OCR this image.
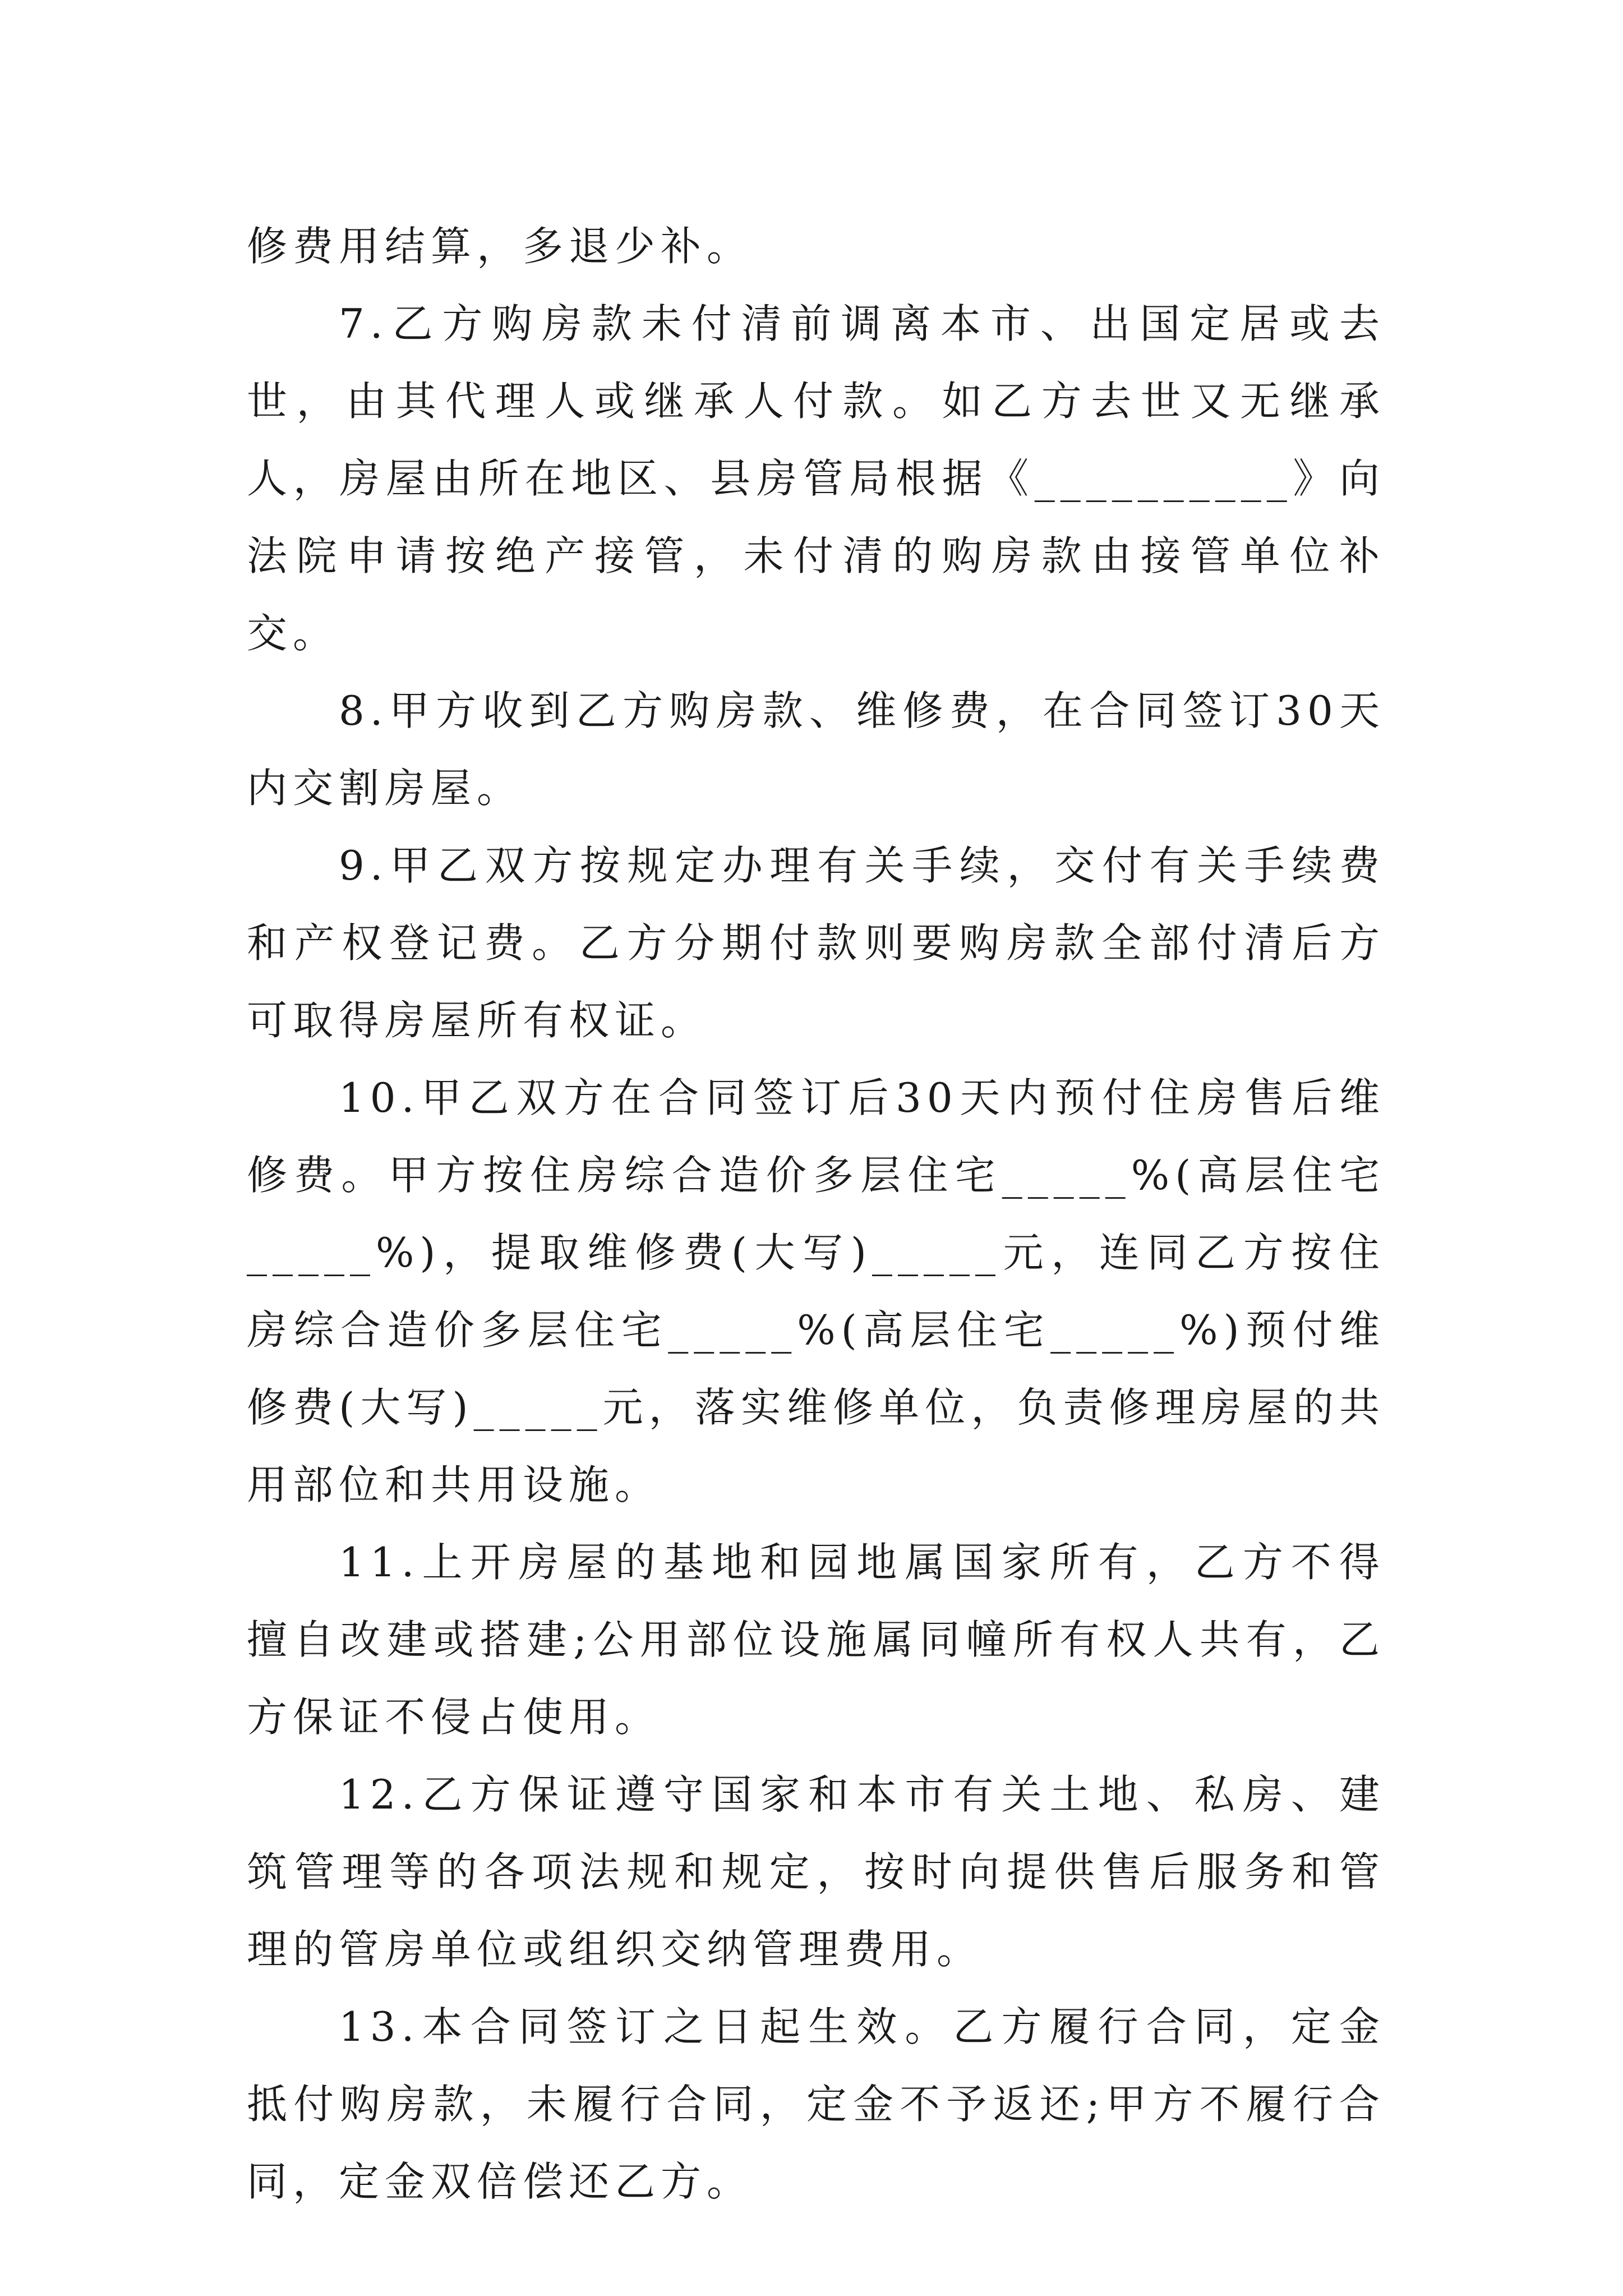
修费用结算，多退少补。

7.乙方购房款未付清前调离本市、出国定居或去世，由其代理人或继承人付款。如乙方去世又无继承人，房屋由所在地区、县房管局根据《__________》向法院申请按绝产接管，未付清的购房款由接管单位补交。

8.甲方收到乙方购房款、维修费，在合同签订30天内交割房屋。

9.甲乙双方按规定办理有关手续，交付有关手续费和产权登记费。乙方分期付款则要购房款全部付清后方可取得房屋所有权证。

10.甲乙双方在合同签订后30天内预付住房售后维修费。甲方按住房综合造价多层住宅_____%(高层住宅_____%)，提取维修费(大写)_____元，连同乙方按住房综合造价多层住宅_____%(高层住宅_____%)预付维修费(大写)_____元，落实维修单位，负责修理房屋的共用部位和共用设施。

11.上开房屋的基地和园地属国家所有，乙方不得擅自改建或搭建;公用部位设施属同幢所有权人共有，乙方保证不侵占使用。

12.乙方保证遵守国家和本市有关土地、私房、建筑管理等的各项法规和规定，按时向提供售后服务和管理的管房单位或组织交纳管理费用。

13.本合同签订之日起生效。乙方履行合同，定金抵付购房款，未履行合同，定金不予返还;甲方不履行合同，定金双倍偿还乙方。
